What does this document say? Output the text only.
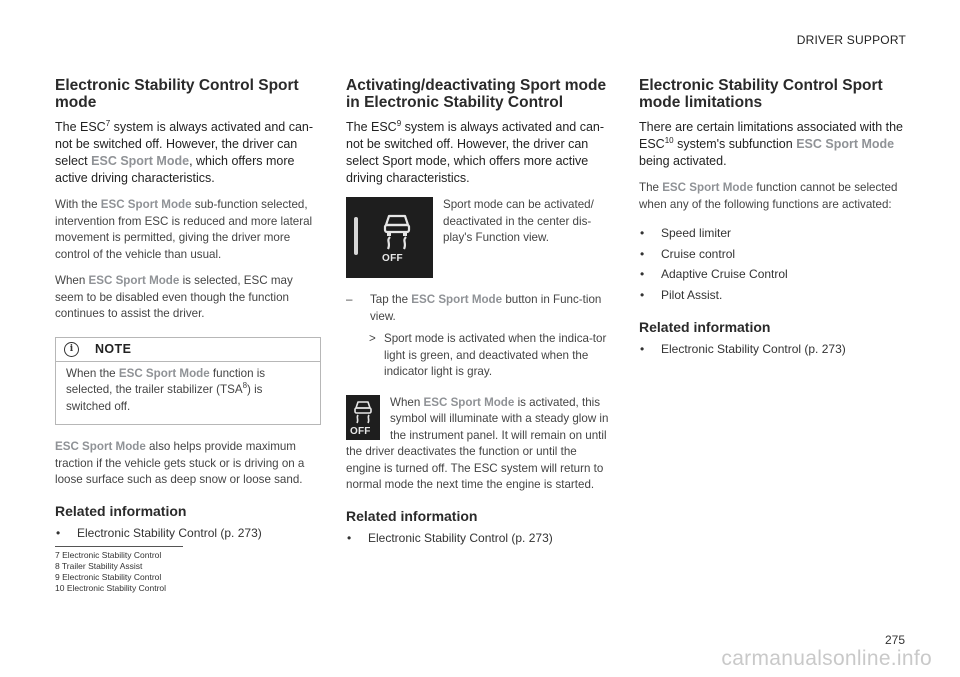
DRIVER SUPPORT
Electronic Stability Control Sport mode

The ESC$^7$ system is always activated and can-not be switched off. However, the driver can select ESC Sport Mode, which offers more active driving characteristics.

With the ESC Sport Mode sub-function selected, intervention from ESC is reduced and more lateral movement is permitted, giving the driver more control of the vehicle than usual.

When ESC Sport Mode is selected, ESC may seem to be disabled even though the function continues to assist the driver.

i	NOTE
When the ESC Sport Mode function is selected, the trailer stabilizer (TSA$^8$) is switched off.

ESC Sport Mode also helps provide maximum traction if the vehicle gets stuck or is driving on a loose surface such as deep snow or loose sand.

Related information
• Electronic Stability Control (p. 273)
Activating/deactivating Sport mode in Electronic Stability Control

The ESC$^9$ system is always activated and can-not be switched off. However, the driver can select Sport mode, which offers more active driving characteristics.

OFF
Sport mode can be activated/ deactivated in the center dis-play's Function view.
– Tap the ESC Sport Mode button in Func-tion view.
> Sport mode is activated when the indica-tor light is green, and deactivated when the indicator light is gray.
OFF
When ESC Sport Mode is activated, this symbol will illuminate with a steady glow in the instrument panel. It will remain on until the driver deactivates the function or until the engine is turned off. The ESC system will return to normal mode the next time the engine is started.
Related information
• Electronic Stability Control (p. 273)
Electronic Stability Control Sport mode limitations

There are certain limitations associated with the ESC$^{10}$ system's subfunction ESC Sport Mode being activated.

The ESC Sport Mode function cannot be selected when any of the following functions are activated:

• Speed limiter
• Cruise control
• Adaptive Cruise Control
• Pilot Assist.
Related information
• Electronic Stability Control (p. 273)
7 Electronic Stability Control
8 Trailer Stability Assist
9 Electronic Stability Control
10 Electronic Stability Control
275
carmanualsonline.info
